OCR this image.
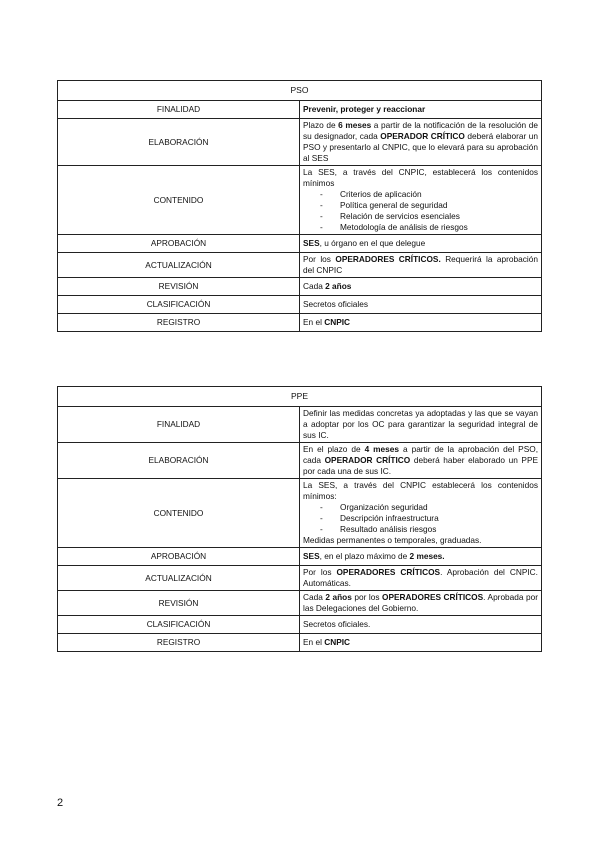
PSO	
FINALIDAD	Prevenir, proteger y reaccionar
ELABORACIÓN	Plazo de 6 meses a partir de la notificación de la resolución de su designador, cada OPERADOR CRÍTICO deberá elaborar un PSO y presentarlo al CNPIC, que lo elevará para su aprobación al SES
CONTENIDO	La SES, a través del CNPIC, establecerá los contenidos mínimos
- Criterios de aplicación
- Política general de seguridad
- Relación de servicios esenciales
- Metodología de análisis de riesgos

APROBACIÓN	SES, u órgano en el que delegue
ACTUALIZACIÓN	Por los OPERADORES CRÍTICOS. Requerirá la aprobación del CNPIC
REVISIÓN	Cada 2 años
CLASIFICACIÓN	Secretos oficiales
REGISTRO	En el CNPIC
PPE	
FINALIDAD	Definir las medidas concretas ya adoptadas y las que se vayan a adoptar por los OC para garantizar la seguridad integral de sus IC.
ELABORACIÓN	En el plazo de 4 meses a partir de la aprobación del PSO, cada OPERADOR CRÍTICO deberá haber elaborado un PPE por cada una de sus IC.
CONTENIDO	La SES, a través del CNPIC establecerá los contenidos mínimos:
- Organización seguridad
- Descripción infraestructura
- Resultado análisis riesgos
Medidas permanentes o temporales, graduadas.

APROBACIÓN	SES, en el plazo máximo de 2 meses.
ACTUALIZACIÓN	Por los OPERADORES CRÍTICOS. Aprobación del CNPIC. Automáticas.
REVISIÓN	Cada 2 años por los OPERADORES CRÍTICOS. Aprobada por las Delegaciones del Gobierno.
CLASIFICACIÓN	Secretos oficiales.
REGISTRO	En el CNPIC
2
